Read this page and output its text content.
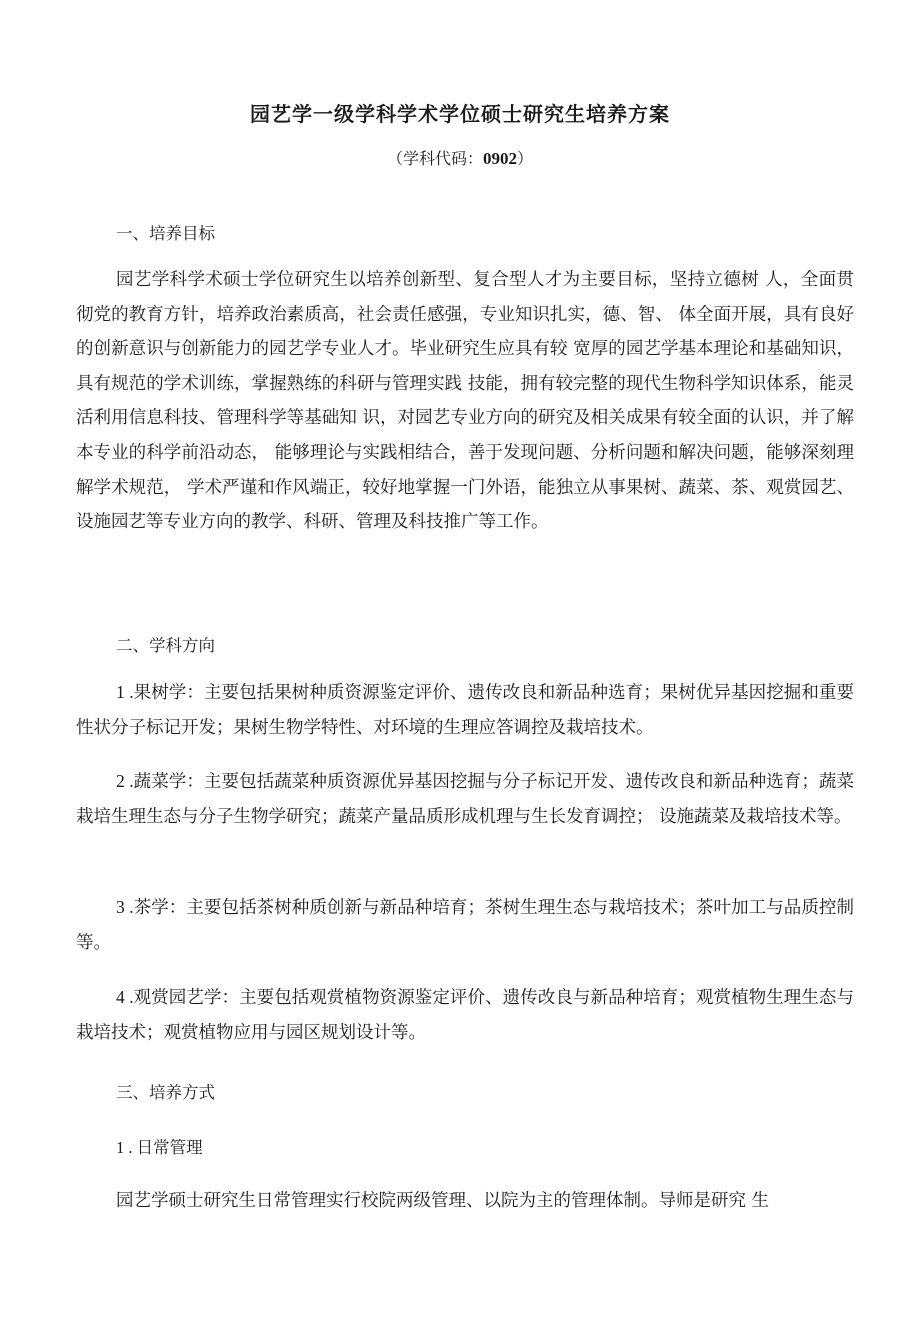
园艺学一级学科学术学位硕士研究生培养方案
（学科代码：0902）
一、培养目标

园艺学科学术硕士学位研究生以培养创新型、复合型人才为主要目标，坚持立德树 人，全面贯彻党的教育方针，培养政治素质高，社会责任感强，专业知识扎实，德、智、 体全面开展，具有良好的创新意识与创新能力的园艺学专业人才。毕业研究生应具有较 宽厚的园艺学基本理论和基础知识，具有规范的学术训练，掌握熟练的科研与管理实践 技能，拥有较完整的现代生物科学知识体系，能灵活利用信息科技、管理科学等基础知 识，对园艺专业方向的研究及相关成果有较全面的认识，并了解本专业的科学前沿动态， 能够理论与实践相结合，善于发现问题、分析问题和解决问题，能够深刻理解学术规范， 学术严谨和作风端正，较好地掌握一门外语，能独立从事果树、蔬菜、茶、观赏园艺、 设施园艺等专业方向的教学、科研、管理及科技推广等工作。

二、学科方向

1 .果树学：主要包括果树种质资源鉴定评价、遗传改良和新品种选育；果树优异基因挖掘和重要性状分子标记开发；果树生物学特性、对环境的生理应答调控及栽培技术。

2 .蔬菜学：主要包括蔬菜种质资源优异基因挖掘与分子标记开发、遗传改良和新品种选育；蔬菜栽培生理生态与分子生物学研究；蔬菜产量品质形成机理与生长发育调控； 设施蔬菜及栽培技术等。

3 .茶学：主要包括茶树种质创新与新品种培育；茶树生理生态与栽培技术；茶叶加工与品质控制等。

4 .观赏园艺学：主要包括观赏植物资源鉴定评价、遗传改良与新品种培育；观赏植物生理生态与栽培技术；观赏植物应用与园区规划设计等。

三、培养方式
1 . 日常管理

园艺学硕士研究生日常管理实行校院两级管理、以院为主的管理体制。导师是研究 生
